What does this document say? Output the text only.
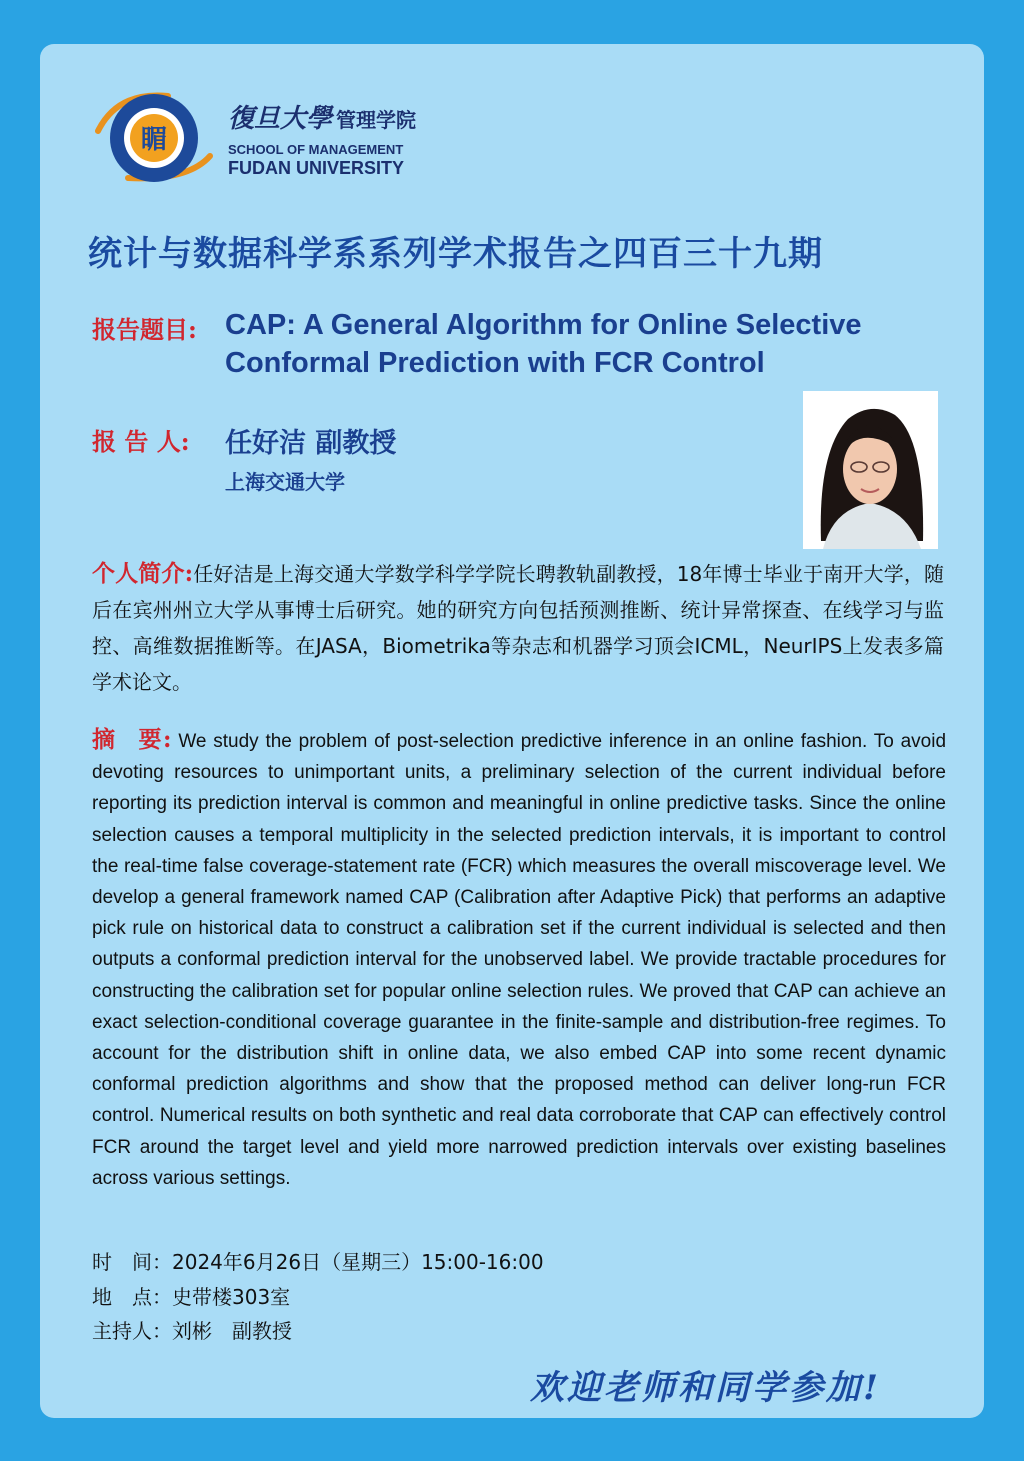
睸
復旦大學 管理学院
SCHOOL OF MANAGEMENT
FUDAN UNIVERSITY
统计与数据科学系系列学术报告之四百三十九期
报告题目: CAP: A General Algorithm for Online Selective Conformal Prediction with FCR Control
报 告 人: 任好洁 副教授
上海交通大学
个人简介:任好洁是上海交通大学数学科学学院长聘教轨副教授，18年博士毕业于南开大学，随后在宾州州立大学从事博士后研究。她的研究方向包括预测推断、统计异常探查、在线学习与监控、高维数据推断等。在JASA，Biometrika等杂志和机器学习顶会ICML，NeurIPS上发表多篇学术论文。
摘要: We study the problem of post-selection predictive inference in an online fashion. To avoid devoting resources to unimportant units, a preliminary selection of the current individual before reporting its prediction interval is common and meaningful in online predictive tasks. Since the online selection causes a temporal multiplicity in the selected prediction intervals, it is important to control the real-time false coverage-statement rate (FCR) which measures the overall miscoverage level. We develop a general framework named CAP (Calibration after Adaptive Pick) that performs an adaptive pick rule on historical data to construct a calibration set if the current individual is selected and then outputs a conformal prediction interval for the unobserved label. We provide tractable procedures for constructing the calibration set for popular online selection rules. We proved that CAP can achieve an exact selection-conditional coverage guarantee in the finite-sample and distribution-free regimes. To account for the distribution shift in online data, we also embed CAP into some recent dynamic conformal prediction algorithms and show that the proposed method can deliver long-run FCR control. Numerical results on both synthetic and real data corroborate that CAP can effectively control FCR around the target level and yield more narrowed prediction intervals over existing baselines across various settings.
时　间：2024年6月26日（星期三）15:00-16:00
地　点：史带楼303室
主持人：刘彬　副教授
欢迎老师和同学参加!
